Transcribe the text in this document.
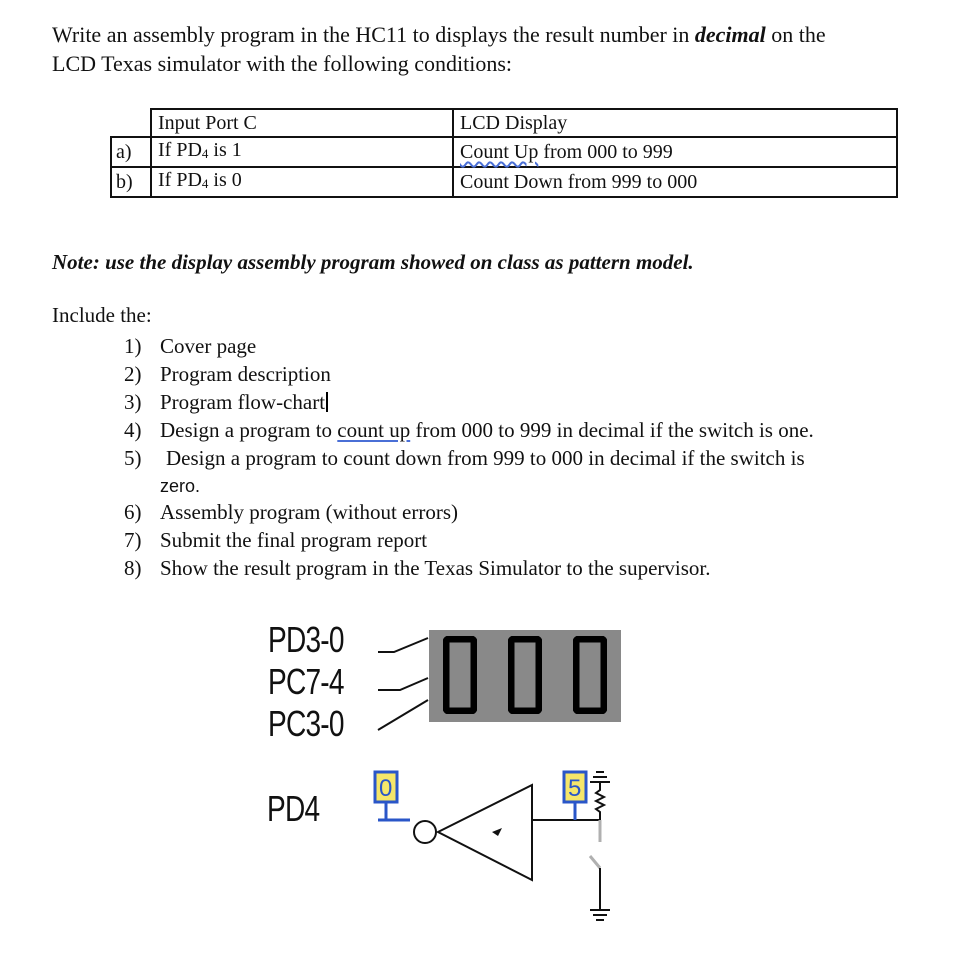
Write an assembly program in the HC11 to displays the result number in decimal on the
LCD Texas simulator with the following conditions:
	Input Port C	LCD Display
a)	If $PD_4$ is 1	Count Up from 000 to 999
b)	If $PD_4$ is 0	Count Down from 999 to 000
Note: use the display assembly program showed on class as pattern model.
Include the:
1) Cover page
2) Program description
3) Program flow-chart
4) Design a program to count up from 000 to 999 in decimal if the switch is one.
5) Design a program to count down from 999 to 000 in decimal if the switch is
zero.
6) Assembly program (without errors)
7) Submit the final program report
8) Show the result program in the Texas Simulator to the supervisor.
PD3-0
PC7-4
PC3-0
PD4 0	5
